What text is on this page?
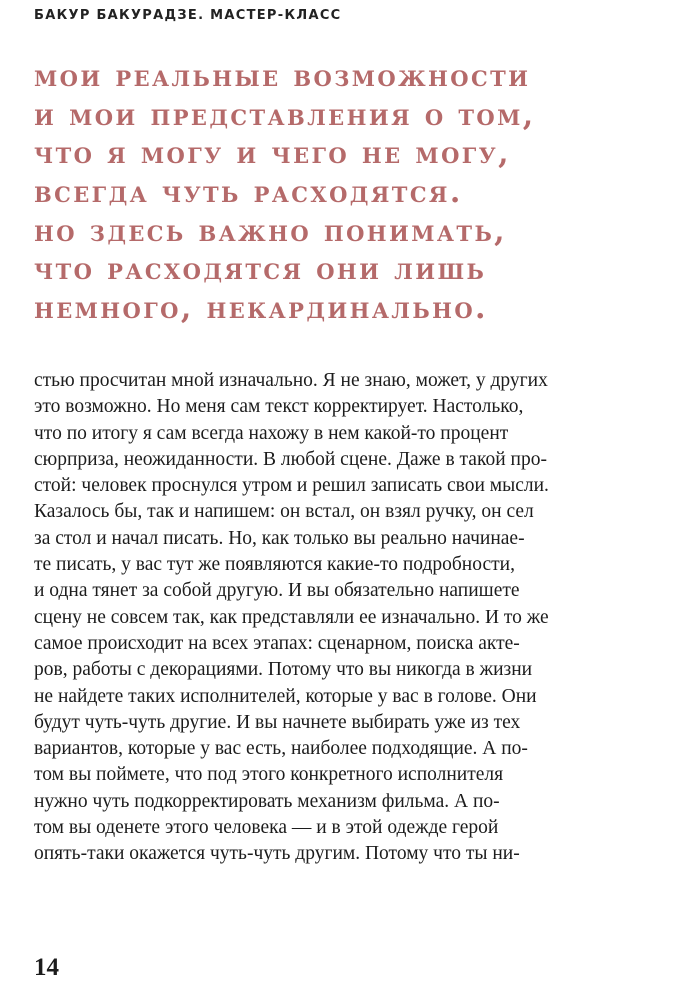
БАКУР БАКУРАДЗЕ. МАСТЕР-КЛАСС
мои реальные возможности
и мои представления о том,
что я могу и чего не могу,
всегда чуть расходятся.
но здесь важно понимать,
что расходятся они лишь
немного, некардинально.
стью просчитан мной изначально. Я не знаю, может, у других
это возможно. Но меня сам текст корректирует. Настолько,
что по итогу я сам всегда нахожу в нем какой-то процент
сюрприза, неожиданности. В любой сцене. Даже в такой про-
стой: человек проснулся утром и решил записать свои мысли.
Казалось бы, так и напишем: он встал, он взял ручку, он сел
за стол и начал писать. Но, как только вы реально начинае-
те писать, у вас тут же появляются какие-то подробности,
и одна тянет за собой другую. И вы обязательно напишете
сцену не совсем так, как представляли ее изначально. И то же
самое происходит на всех этапах: сценарном, поиска акте-
ров, работы с декорациями. Потому что вы никогда в жизни
не найдете таких исполнителей, которые у вас в голове. Они
будут чуть-чуть другие. И вы начнете выбирать уже из тех
вариантов, которые у вас есть, наиболее подходящие. А по-
том вы поймете, что под этого конкретного исполнителя
нужно чуть подкорректировать механизм фильма. А по-
том вы оденете этого человека — и в этой одежде герой
опять-таки окажется чуть-чуть другим. Потому что ты ни-
14
